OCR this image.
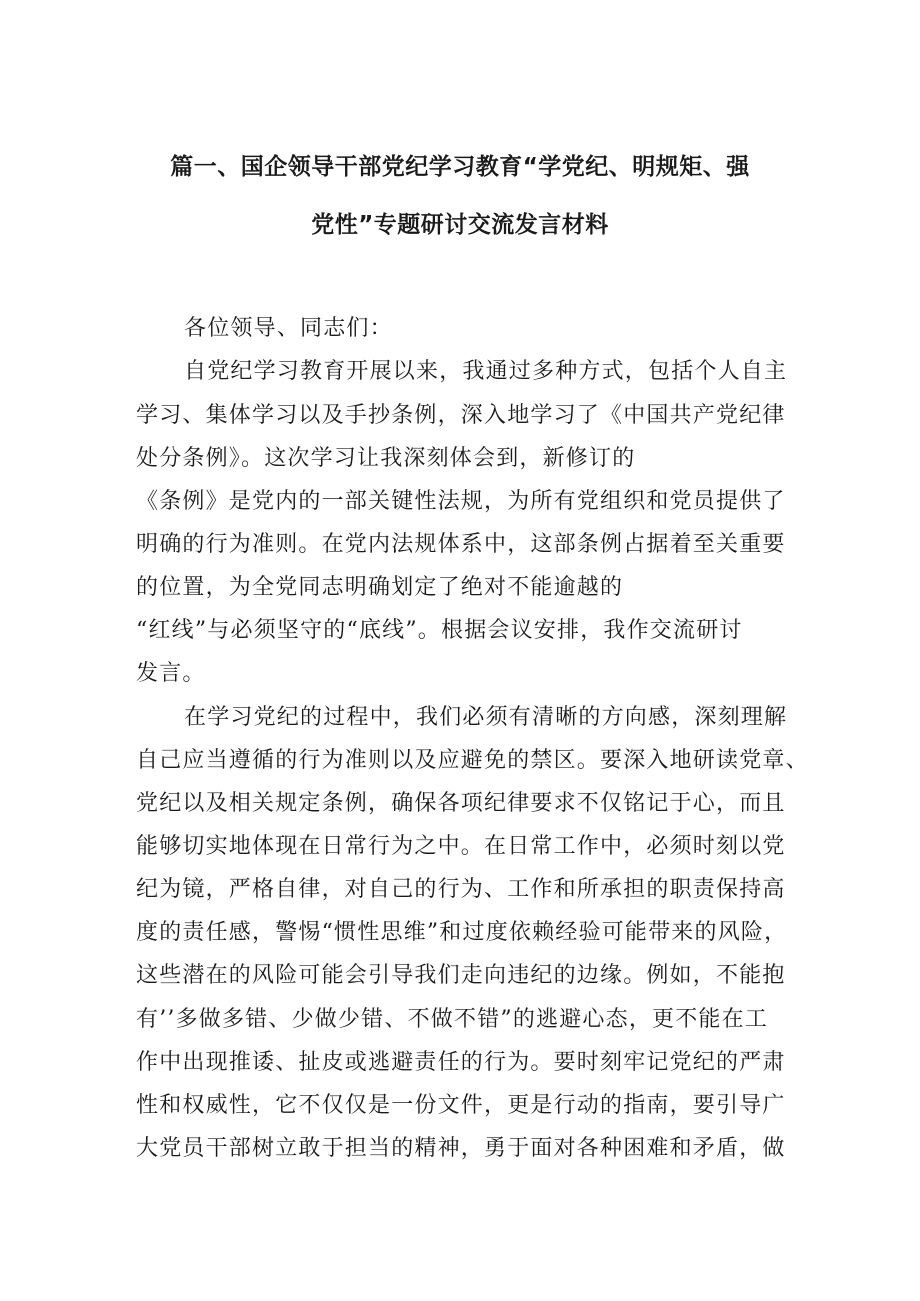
篇一、国企领导干部党纪学习教育“学党纪、明规矩、强
党性”专题研讨交流发言材料
各位领导、同志们：
自党纪学习教育开展以来，我通过多种方式，包括个人自主
学习、集体学习以及手抄条例，深入地学习了《中国共产党纪律
处分条例》。这次学习让我深刻体会到，新修订的
《条例》是党内的一部关键性法规，为所有党组织和党员提供了
明确的行为准则。在党内法规体系中，这部条例占据着至关重要
的位置，为全党同志明确划定了绝对不能逾越的
“红线”与必须坚守的“底线”。根据会议安排，我作交流研讨
发言。
在学习党纪的过程中，我们必须有清晰的方向感，深刻理解
自己应当遵循的行为准则以及应避免的禁区。要深入地研读党章、
党纪以及相关规定条例，确保各项纪律要求不仅铭记于心，而且
能够切实地体现在日常行为之中。在日常工作中，必须时刻以党
纪为镜，严格自律，对自己的行为、工作和所承担的职责保持高
度的责任感，警惕“惯性思维”和过度依赖经验可能带来的风险，
这些潜在的风险可能会引导我们走向违纪的边缘。例如，不能抱
有’’多做多错、少做少错、不做不错”的逃避心态，更不能在工
作中出现推诿、扯皮或逃避责任的行为。要时刻牢记党纪的严肃
性和权威性，它不仅仅是一份文件，更是行动的指南，要引导广
大党员干部树立敢于担当的精神，勇于面对各种困难和矛盾，做
